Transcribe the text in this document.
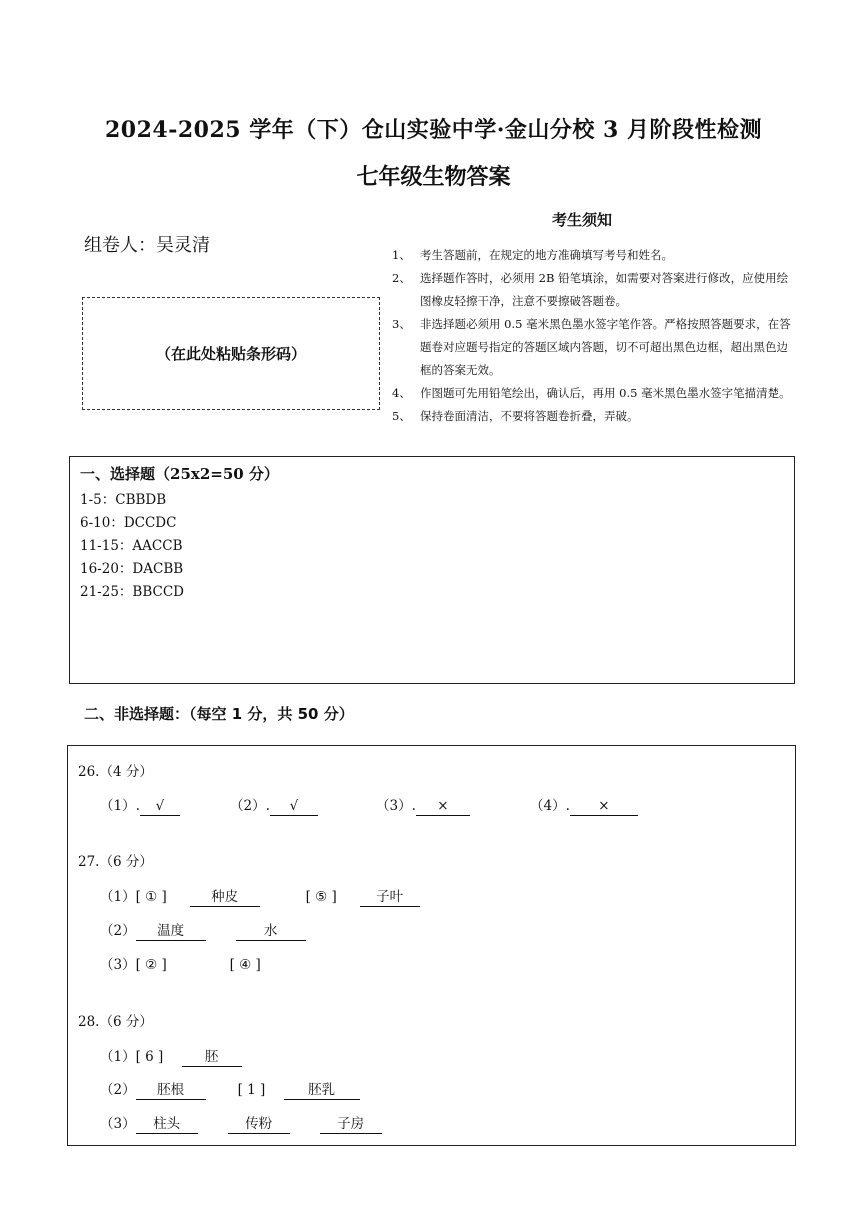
2024-2025 学年（下）仓山实验中学·金山分校 3 月阶段性检测
七年级生物答案
组卷人：吴灵清
（在此处粘贴条形码）
考生须知
1、 考生答题前，在规定的地方准确填写考号和姓名。
2、 选择题作答时，必须用 2B 铅笔填涂，如需要对答案进行修改，应使用绘图橡皮轻擦干净，注意不要擦破答题卷。
3、 非选择题必须用 0.5 毫米黑色墨水签字笔作答。严格按照答题要求，在答题卷对应题号指定的答题区域内答题，切不可超出黑色边框，超出黑色边框的答案无效。
4、 作图题可先用铅笔绘出，确认后，再用 0.5 毫米黑色墨水签字笔描清楚。
5、 保持卷面清洁，不要将答题卷折叠，弄破。
一、选择题（25x2=50 分）
1-5：CBBDB
6-10：DCCDC
11-15：AACCB
16-20：DACBB
21-25：BBCCD
二、非选择题：（每空 1 分，共 50 分）
26.（4 分）
（1）. √	（2）. √	（3）. ×	（4）. ×
27.（6 分）
（1）[ ① ]	种皮	[ ⑤ ]	子叶
（2） 温度	水
（3）[ ② ]	[ ④ ]
28.（6 分）
（1）[ 6 ]	胚
（2） 胚根	[ 1 ]	胚乳
（3） 柱头	传粉	子房
